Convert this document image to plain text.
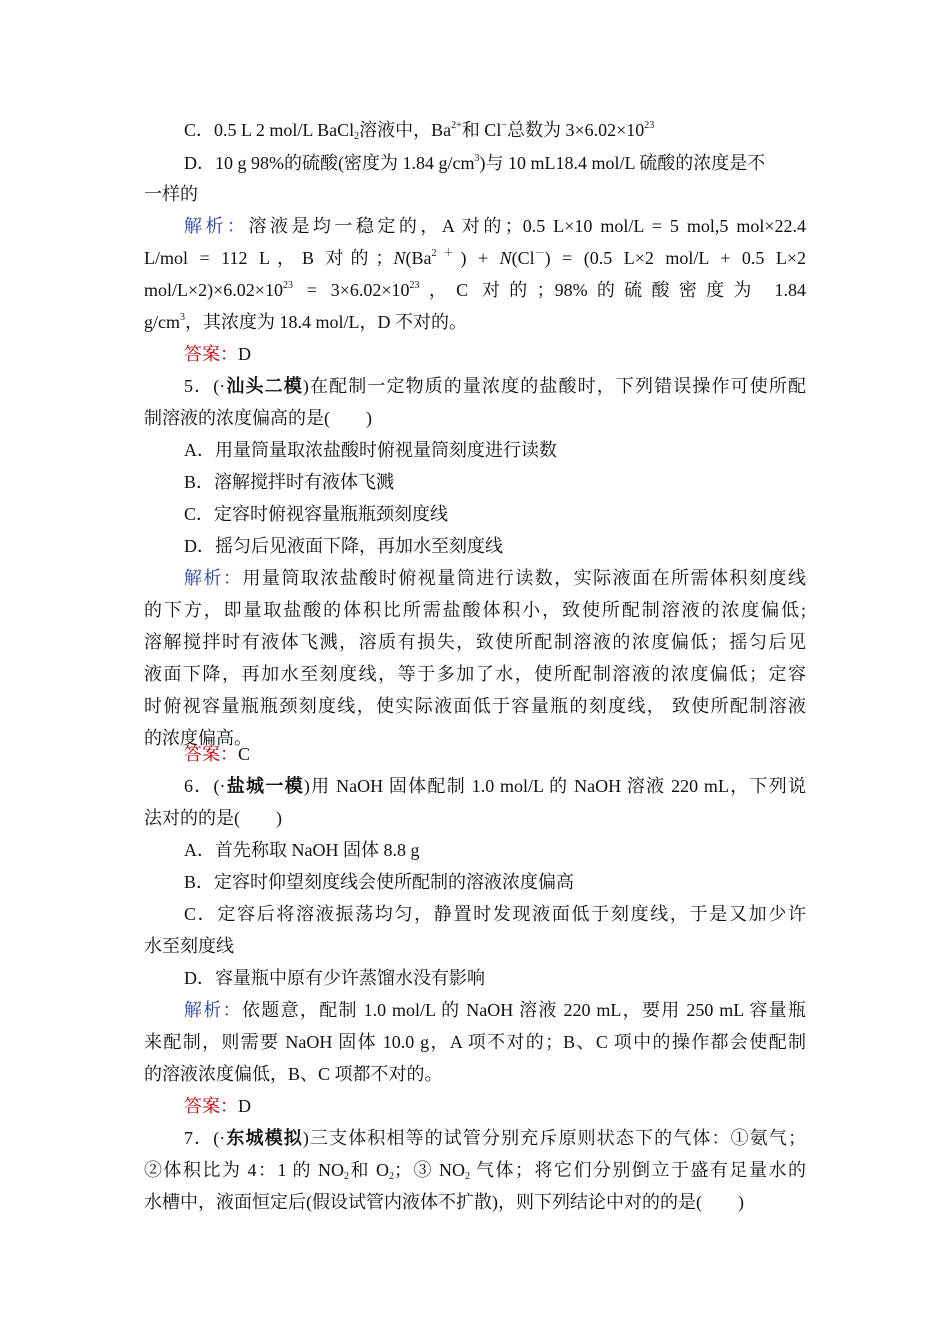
C．0.5 L 2 mol/L BaCl$_2$溶液中，$Ba^{2+}$和 Cl−总数为 $3\times 6.02\times 10^{23}$
D．10 g 98%的硫酸(密度为 1.84 $g/cm^3$)与 10 mL18.4 mol/L 硫酸的浓度是不
一样的
解析：溶液是均一稳定的，A 对的；0.5 L×10 mol/L = 5 mol,5 mol×22.4
L/mol = 112 L，B 对的；$N(Ba^{2+}) + N(Cl^-) = (0.5$ L×2 mol/L + 0.5 L×2
mol/$L\times 2)\times 6.02\times 10^{23} = 3\times 6.02\times 10^{23}$，C 对的；98%的硫酸密度为 1.84
$g/cm^3$，其浓度为 18.4 mol/L，D 不对的。
答案：D
5．(·汕头二模)在配制一定物质的量浓度的盐酸时，下列错误操作可使所配
制溶液的浓度偏高的是(　　)
A．用量筒量取浓盐酸时俯视量筒刻度进行读数
B．溶解搅拌时有液体飞溅
C．定容时俯视容量瓶瓶颈刻度线
D．摇匀后见液面下降，再加水至刻度线
解析：用量筒取浓盐酸时俯视量筒进行读数，实际液面在所需体积刻度线
的下方，即量取盐酸的体积比所需盐酸体积小，致使所配制溶液的浓度偏低;
溶解搅拌时有液体飞溅，溶质有损失，致使所配制溶液的浓度偏低；摇匀后见
液面下降，再加水至刻度线，等于多加了水，使所配制溶液的浓度偏低；定容
时俯视容量瓶瓶颈刻度线，使实际液面低于容量瓶的刻度线， 致使所配制溶液
的浓度偏高。
答案：C
6．(·盐城一模)用 NaOH 固体配制 1.0 mol/L 的 NaOH 溶液 220 mL，下列说
法对的的是(　　)
A．首先称取 NaOH 固体 8.8 g
B．定容时仰望刻度线会使所配制的溶液浓度偏高
C．定容后将溶液振荡均匀，静置时发现液面低于刻度线，于是又加少许
水至刻度线
D．容量瓶中原有少许蒸馏水没有影响
解析：依题意，配制 1.0 mol/L 的 NaOH 溶液 220 mL，要用 250 mL 容量瓶
来配制，则需要 NaOH 固体 10.0 g，A 项不对的；B、C 项中的操作都会使配制
的溶液浓度偏低，B、C 项都不对的。
答案：D
7．(·东城模拟)三支体积相等的试管分别充斥原则状态下的气体：①氨气；
②体积比为 4：1 的 $NO_2$和 $O_2$；③ $NO_2$ 气体；将它们分别倒立于盛有足量水的
水槽中，液面恒定后(假设试管内液体不扩散)，则下列结论中对的的是(　　)
